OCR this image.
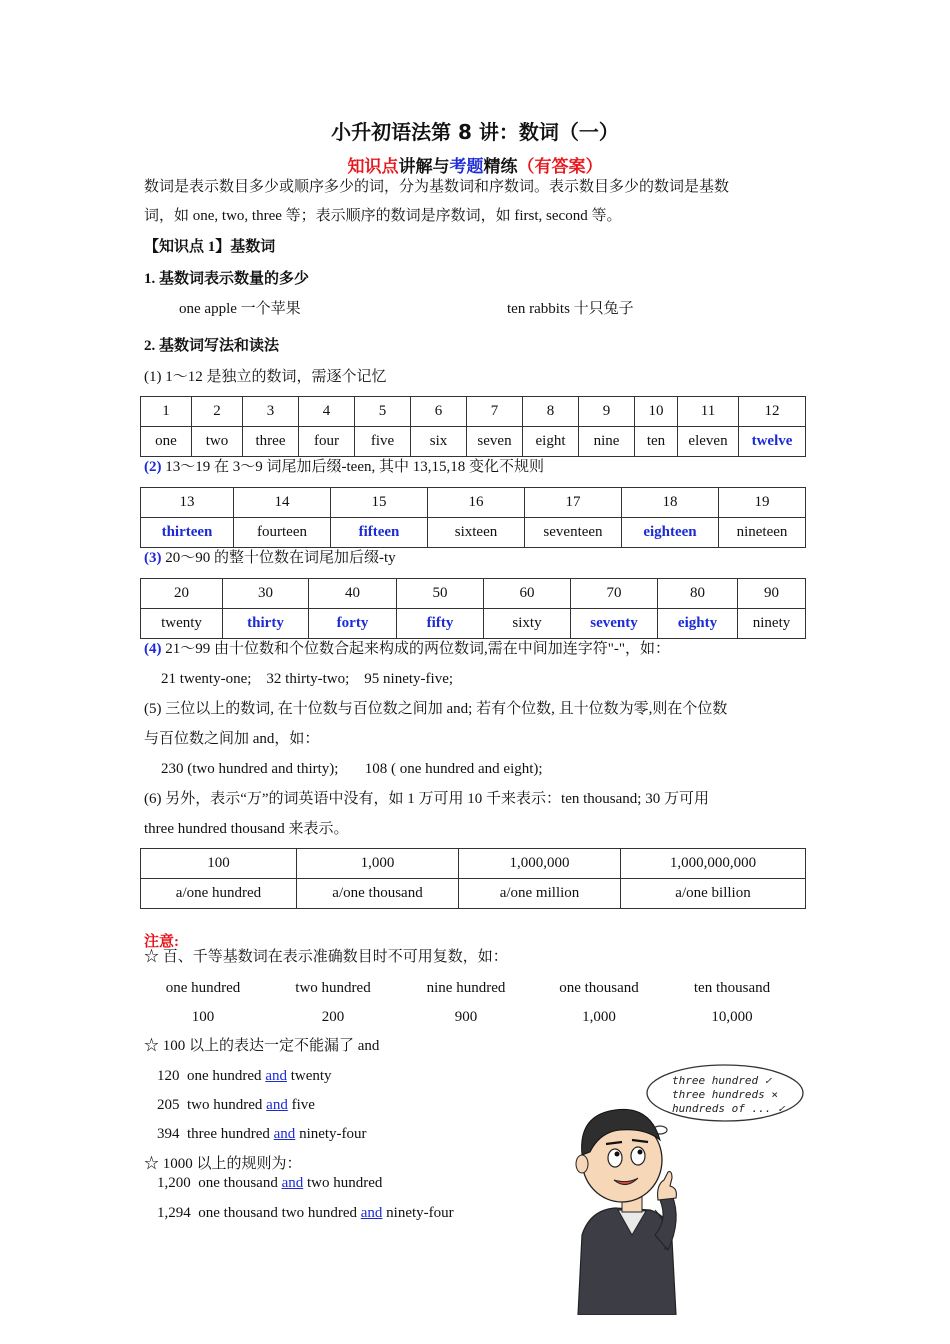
小升初语法第 8 讲：数词（一）
知识点讲解与考题精练（有答案）
数词是表示数目多少或顺序多少的词，分为基数词和序数词。表示数目多少的数词是基数
词，如 one, two, three 等；表示顺序的数词是序数词，如 first, second 等。
【知识点 1】基数词
1. 基数词表示数量的多少
one apple 一个苹果	ten rabbits 十只兔子
2. 基数词写法和读法
(1) 1～12 是独立的数词，需逐个记忆
1	2	3	4	5	6	7	8	9	10	11	12
one	two	three	four	five	six	seven	eight	nine	ten	eleven	twelve
(2) 13～19 在 3～9 词尾加后缀-teen, 其中 13,15,18 变化不规则
13	14	15	16	17	18	19
thirteen	fourteen	fifteen	sixteen	seventeen	eighteen	nineteen
(3) 20～90 的整十位数在词尾加后缀-ty
20	30	40	50	60	70	80	90
twenty	thirty	forty	fifty	sixty	seventy	eighty	ninety
(4) 21～99 由十位数和个位数合起来构成的两位数词,需在中间加连字符"-"，如：
21 twenty-one;    32 thirty-two;    95 ninety-five;
(5) 三位以上的数词, 在十位数与百位数之间加 and; 若有个位数, 且十位数为零,则在个位数
与百位数之间加 and，如：
230 (two hundred and thirty);       108 ( one hundred and eight);
(6) 另外，表示“万”的词英语中没有，如 1 万可用 10 千来表示：ten thousand; 30 万可用
three hundred thousand 来表示。
100	1,000	1,000,000	1,000,000,000
a/one hundred	a/one thousand	a/one million	a/one billion
注意:
☆ 百、千等基数词在表示准确数目时不可用复数，如：
one hundred	two hundred	nine hundred	one thousand	ten thousand
100	200	900	1,000	10,000
☆ 100 以上的表达一定不能漏了 and
120  one hundred and twenty
205  two hundred and five
394  three hundred and ninety-four
☆ 1000 以上的规则为：
1,200  one thousand and two hundred
1,294  one thousand two hundred and ninety-four
three hundred ✓
three hundreds ×
hundreds of ... ✓
